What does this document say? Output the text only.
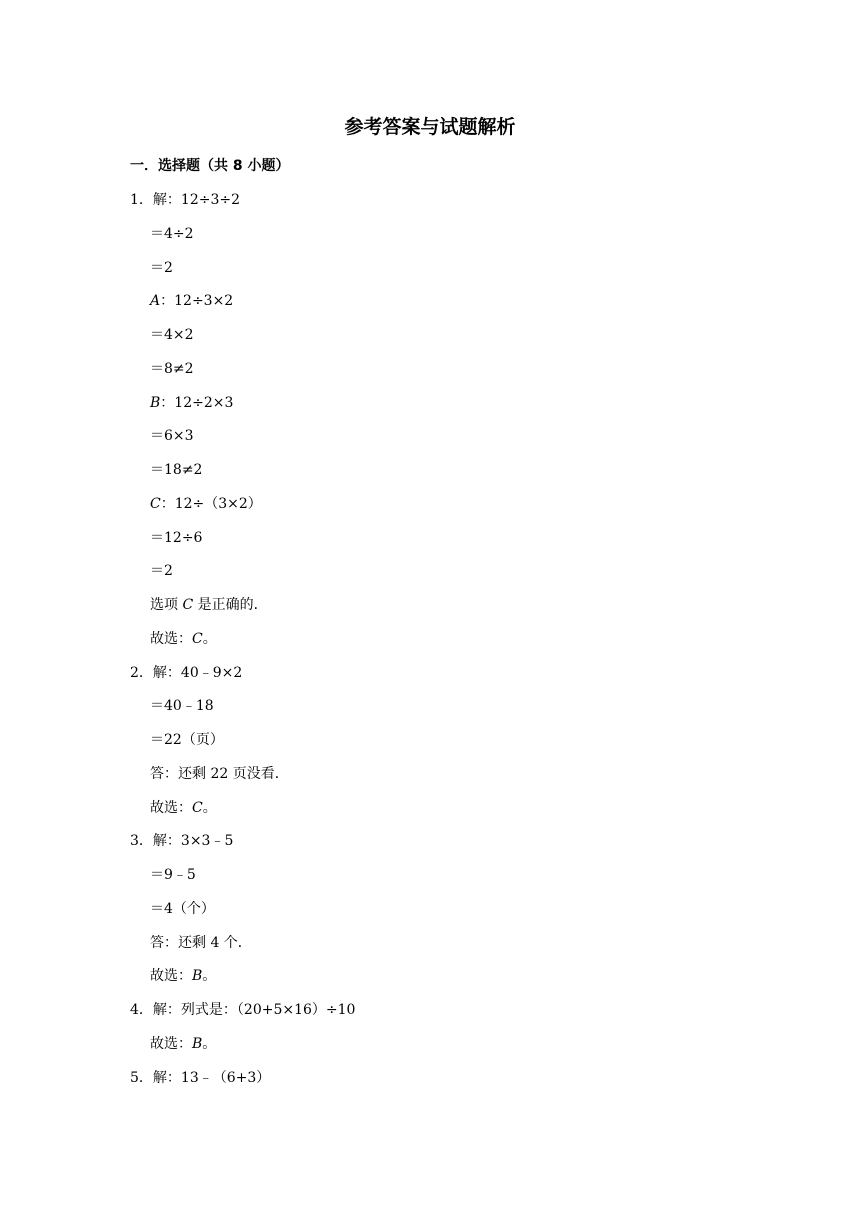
参考答案与试题解析
一．选择题（共 8 小题）
1．解：12÷3÷2
＝4÷2
＝2
A：12÷3×2
＝4×2
＝8≠2
B：12÷2×3
＝6×3
＝18≠2
C：12÷（3×2）
＝12÷6
＝2
选项 C 是正确的．
故选：C。
2．解：40﹣9×2
＝40﹣18
＝22（页）
答：还剩 22 页没看．
故选：C。
3．解：3×3﹣5
＝9﹣5
＝4（个）
答：还剩 4 个．
故选：B。
4．解：列式是：（20+5×16）÷10
故选：B。
5．解：13﹣（6+3）
